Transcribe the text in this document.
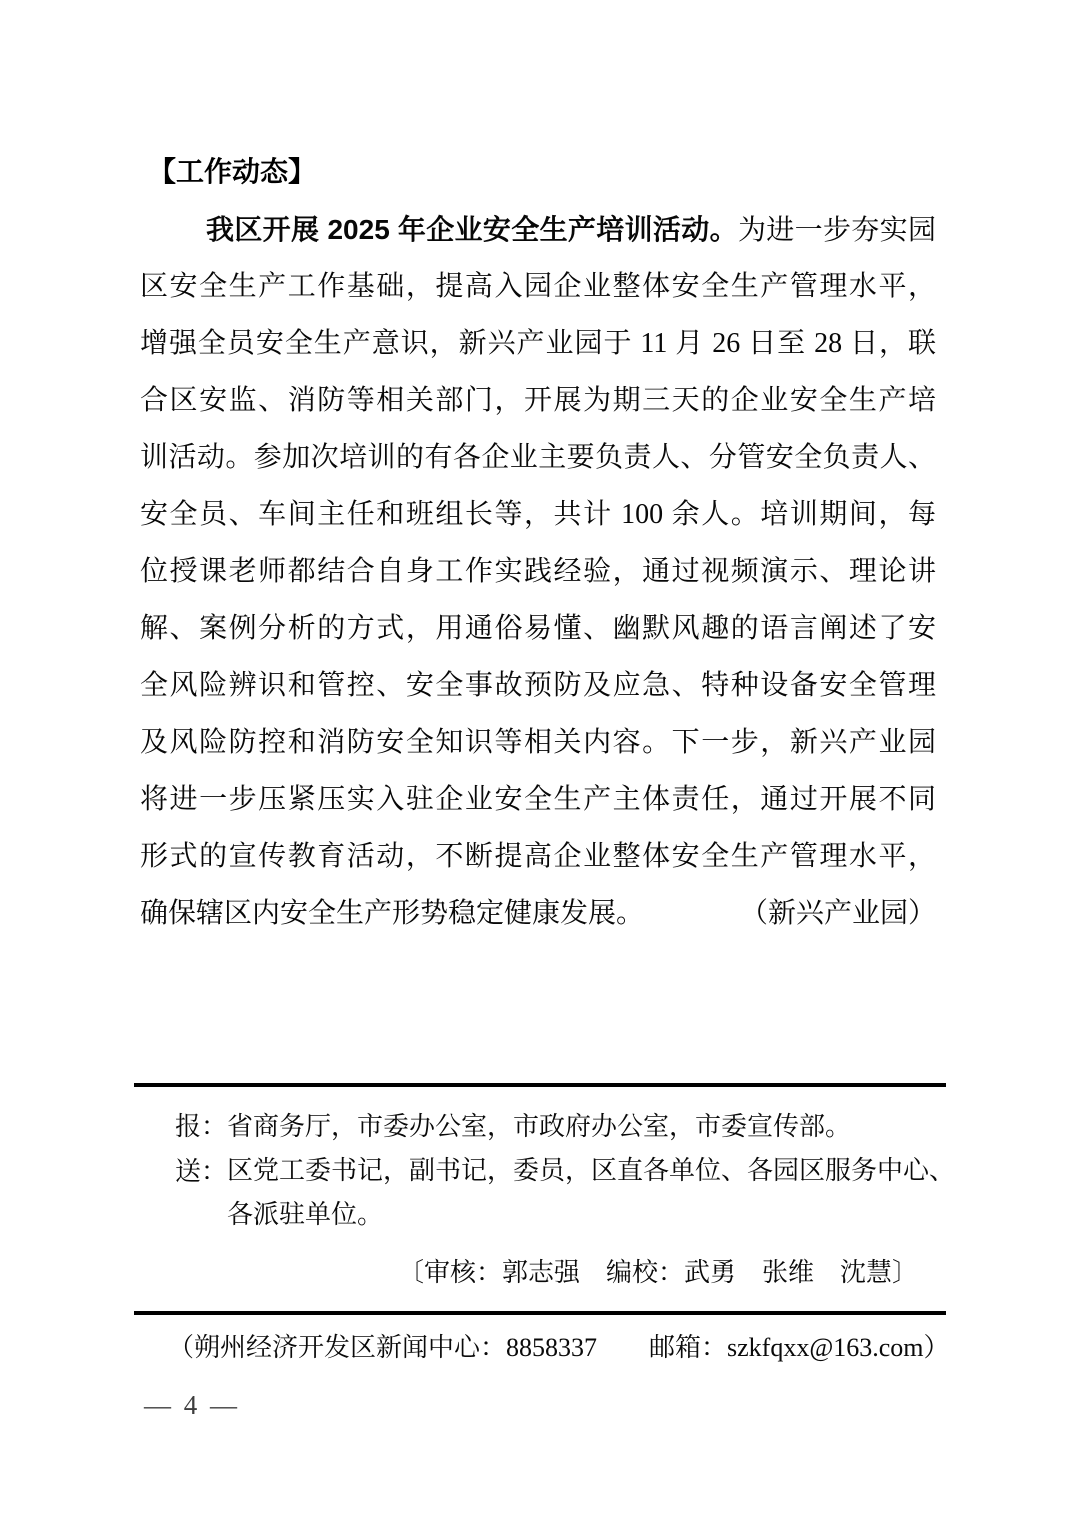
【工作动态】
我区开展 2025 年企业安全生产培训活动。为进一步夯实园
区安全生产工作基础，提高入园企业整体安全生产管理水平，
增强全员安全生产意识，新兴产业园于 11 月 26 日至 28 日，联
合区安监、消防等相关部门，开展为期三天的企业安全生产培
训活动。参加次培训的有各企业主要负责人、分管安全负责人、
安全员、车间主任和班组长等，共计 100 余人。培训期间，每
位授课老师都结合自身工作实践经验，通过视频演示、理论讲
解、案例分析的方式，用通俗易懂、幽默风趣的语言阐述了安
全风险辨识和管控、安全事故预防及应急、特种设备安全管理
及风险防控和消防安全知识等相关内容。下一步，新兴产业园
将进一步压紧压实入驻企业安全生产主体责任，通过开展不同
形式的宣传教育活动，不断提高企业整体安全生产管理水平，
确保辖区内安全生产形势稳定健康发展。	（新兴产业园）
报： 省商务厅，市委办公室，市政府办公室，市委宣传部。
送： 区党工委书记，副书记，委员，区直各单位、各园区服务中心、
各派驻单位。
〔审核：郭志强　编校：武勇　张维　沈慧〕
（朔州经济开发区新闻中心：8858337　　邮箱：szkfqxx@163.com）
— 4 —
